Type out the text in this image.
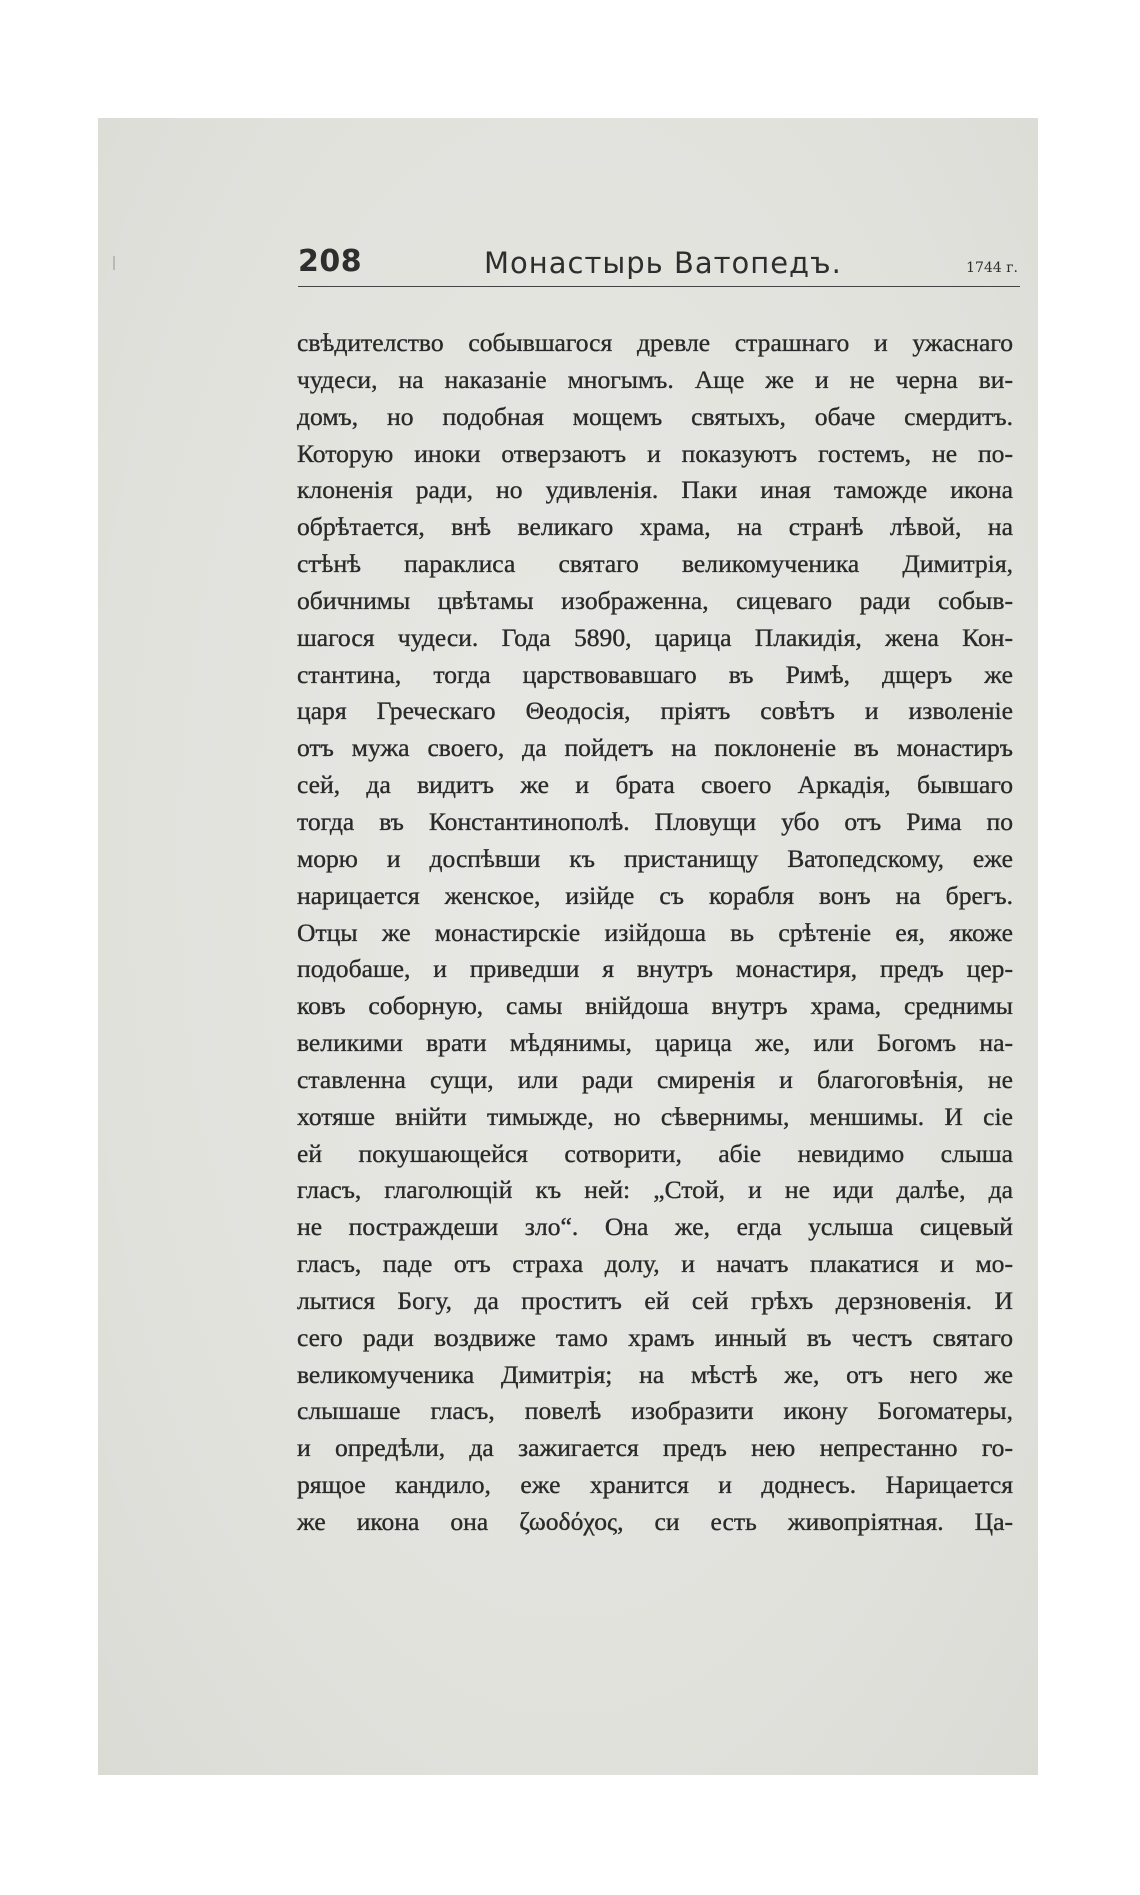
208	Монастырь Ватопедъ.	1744 г.
свѣдителство собывшагося древле страшнаго и ужаснаго
чудеси, на наказаніе многымъ. Аще же и не черна ви-
домъ, но подобная мощемъ святыхъ, обаче смердитъ.
Которую иноки отверзаютъ и показуютъ гостемъ, не по-
клоненія ради, но удивленія. Паки иная таможде икона
обрѣтается, внѣ великаго храма, на странѣ лѣвой, на
стѣнѣ параклиса святаго великомученика Димитрія,
обичнимы цвѣтамы изображенна, сицеваго ради собыв-
шагося чудеси. Года 5890, царица Плакидія, жена Кон-
стантина, тогда царствовавшаго въ Римѣ, дщеръ же
царя Греческаго Θеодосія, пріятъ совѣтъ и изволеніе
отъ мужа своего, да пойдетъ на поклоненіе въ монастиръ
сей, да видитъ же и брата своего Аркадія, бывшаго
тогда въ Константинополѣ. Пловущи убо отъ Рима по
морю и доспѣвши къ пристанищу Ватопедскому, еже
нарицается женское, изійде съ корабля вонъ на брегъ.
Отцы же монастирскіе изійдоша вь срѣтеніе ея, якоже
подобаше, и приведши я внутръ монастиря, предъ цер-
ковъ соборную, самы внійдоша внутръ храма, среднимы
великими врати мѣдянимы, царица же, или Богомъ на-
ставленна сущи, или ради смиренія и благоговѣнія, не
хотяше внійти тимыжде, но сѣвернимы, меншимы. И сіе
ей покушающейся сотворити, абіе невидимо слыша
гласъ, глаголющій къ ней: „Стой, и не иди далѣе, да
не постраждеши зло“. Она же, егда услыша сицевый
гласъ, паде отъ страха долу, и начатъ плакатися и мо-
лытися Богу, да проститъ ей сей грѣхъ дерзновенія. И
сего ради воздвиже тамо храмъ инный въ честъ святаго
великомученика Димитрія; на мѣстѣ же, отъ него же
слышаше гласъ, повелѣ изобразити икону Богоматеры,
и опредѣли, да зажигается предъ нею непрестанно го-
рящое кандило, еже хранится и доднесъ. Нарицается
же икона она ζωοδόχος, си есть живопріятная. Ца-
